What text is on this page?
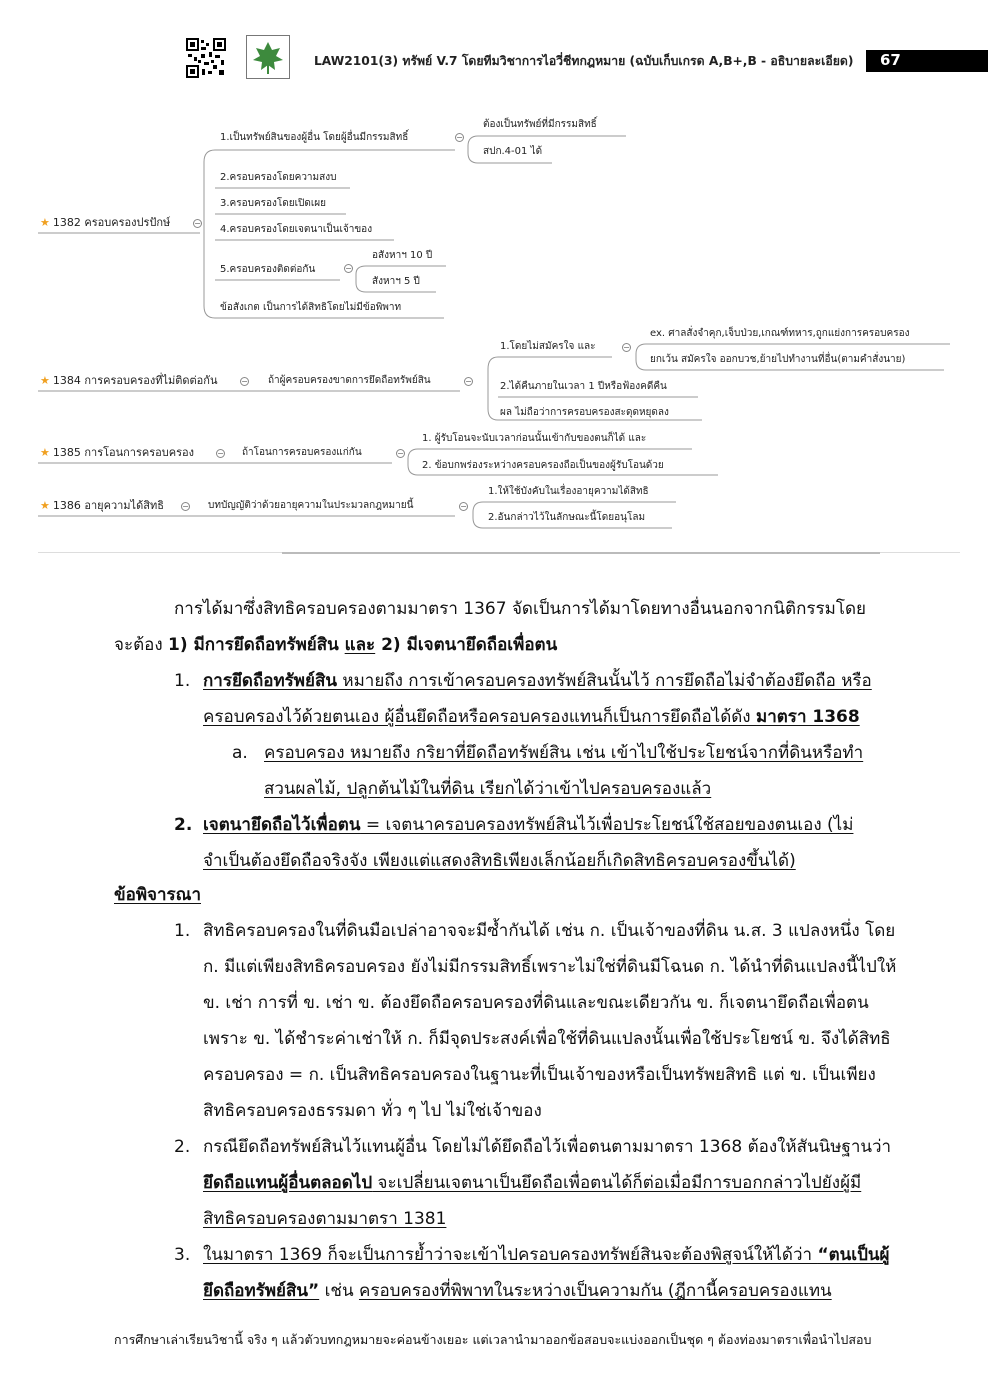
LAW2101(3) ทรัพย์ V.7 โดยทีมวิชาการไอวี่ชีทกฎหมาย (ฉบับเก็บเกรด A,B+,B - อธิบายละเอียด) 67
★ 1382 ครอบครองปรปักษ์	−
1.เป็นทรัพย์สินของผู้อื่น โดยผู้อื่นมีกรรมสิทธิ์	−
ต้องเป็นทรัพย์ที่มีกรรมสิทธิ์
สปก.4-01 ได้
2.ครอบครองโดยความสงบ
3.ครอบครองโดยเปิดเผย
4.ครอบครองโดยเจตนาเป็นเจ้าของ
5.ครอบครองติดต่อกัน	−
อสังหาฯ 10 ปี
สังหาฯ 5 ปี
ข้อสังเกต เป็นการได้สิทธิโดยไม่มีข้อพิพาท
★ 1384 การครอบครองที่ไม่ติดต่อกัน	− ถ้าผู้ครอบครองขาดการยึดถือทรัพย์สิน	−
1.โดยไม่สมัครใจ และ	−
ex. ศาลสั่งจำคุก,เจ็บป่วย,เกณฑ์ทหาร,ถูกแย่งการครอบครอง
ยกเว้น สมัครใจ ออกบวช,ย้ายไปทำงานที่อื่น(ตามคำสั่งนาย)
2.ได้คืนภายในเวลา 1 ปีหรือฟ้องคดีคืน
ผล ไม่ถือว่าการครอบครองสะดุดหยุดลง
★ 1385 การโอนการครอบครอง	− ถ้าโอนการครอบครองแก่กัน	−
1. ผู้รับโอนจะนับเวลาก่อนนั้นเข้ากับของตนก็ได้ และ
2. ข้อบกพร่องระหว่างครอบครองถือเป็นของผู้รับโอนด้วย
★ 1386 อายุความได้สิทธิ − บทบัญญัติว่าด้วยอายุความในประมวลกฎหมายนี้	−
1.ให้ใช้บังคับในเรื่องอายุความได้สิทธิ
2.อันกล่าวไว้ในลักษณะนี้โดยอนุโลม
การได้มาซึ่งสิทธิครอบครองตามมาตรา 1367 จัดเป็นการได้มาโดยทางอื่นนอกจากนิติกรรมโดย
จะต้อง 1) มีการยึดถือทรัพย์สิน และ 2) มีเจตนายึดถือเพื่อตน
1. การยึดถือทรัพย์สิน หมายถึง การเข้าครอบครองทรัพย์สินนั้นไว้ การยึดถือไม่จำต้องยึดถือ หรือ
ครอบครองไว้ด้วยตนเอง ผู้อื่นยึดถือหรือครอบครองแทนก็เป็นการยึดถือได้ดัง มาตรา 1368
a. ครอบครอง หมายถึง กริยาที่ยึดถือทรัพย์สิน เช่น เข้าไปใช้ประโยชน์จากที่ดินหรือทำ
สวนผลไม้, ปลูกต้นไม้ในที่ดิน เรียกได้ว่าเข้าไปครอบครองแล้ว
2. เจตนายึดถือไว้เพื่อตน = เจตนาครอบครองทรัพย์สินไว้เพื่อประโยชน์ใช้สอยของตนเอง (ไม่
จำเป็นต้องยึดถือจริงจัง เพียงแต่แสดงสิทธิเพียงเล็กน้อยก็เกิดสิทธิครอบครองขึ้นได้)
ข้อพิจารณา
1. สิทธิครอบครองในที่ดินมือเปล่าอาจจะมีซ้ำกันได้ เช่น ก. เป็นเจ้าของที่ดิน น.ส. 3 แปลงหนึ่ง โดย
ก. มีแต่เพียงสิทธิครอบครอง ยังไม่มีกรรมสิทธิ์เพราะไม่ใช่ที่ดินมีโฉนด ก. ได้นำที่ดินแปลงนี้ไปให้
ข. เช่า การที่ ข. เช่า ข. ต้องยึดถือครอบครองที่ดินและขณะเดียวกัน ข. ก็เจตนายึดถือเพื่อตน
เพราะ ข. ได้ชำระค่าเช่าให้ ก. ก็มีจุดประสงค์เพื่อใช้ที่ดินแปลงนั้นเพื่อใช้ประโยชน์ ข. จึงได้สิทธิ
ครอบครอง = ก. เป็นสิทธิครอบครองในฐานะที่เป็นเจ้าของหรือเป็นทรัพยสิทธิ แต่ ข. เป็นเพียง
สิทธิครอบครองธรรมดา ทั่ว ๆ ไป ไม่ใช่เจ้าของ
2. กรณียึดถือทรัพย์สินไว้แทนผู้อื่น โดยไม่ได้ยึดถือไว้เพื่อตนตามมาตรา 1368 ต้องให้สันนิษฐานว่า
ยึดถือแทนผู้อื่นตลอดไป จะเปลี่ยนเจตนาเป็นยึดถือเพื่อตนได้ก็ต่อเมื่อมีการบอกกล่าวไปยังผู้มี
สิทธิครอบครองตามมาตรา 1381
3. ในมาตรา 1369 ก็จะเป็นการย้ำว่าจะเข้าไปครอบครองทรัพย์สินจะต้องพิสูจน์ให้ได้ว่า “ตนเป็นผู้
ยึดถือทรัพย์สิน” เช่น ครอบครองที่พิพาทในระหว่างเป็นความกัน (ฎีกานี้ครอบครองแทน
การศึกษาเล่าเรียนวิชานี้ จริง ๆ แล้วตัวบทกฎหมายจะค่อนข้างเยอะ แต่เวลานำมาออกข้อสอบจะแบ่งออกเป็นชุด ๆ ต้องท่องมาตราเพื่อนำไปสอบ
